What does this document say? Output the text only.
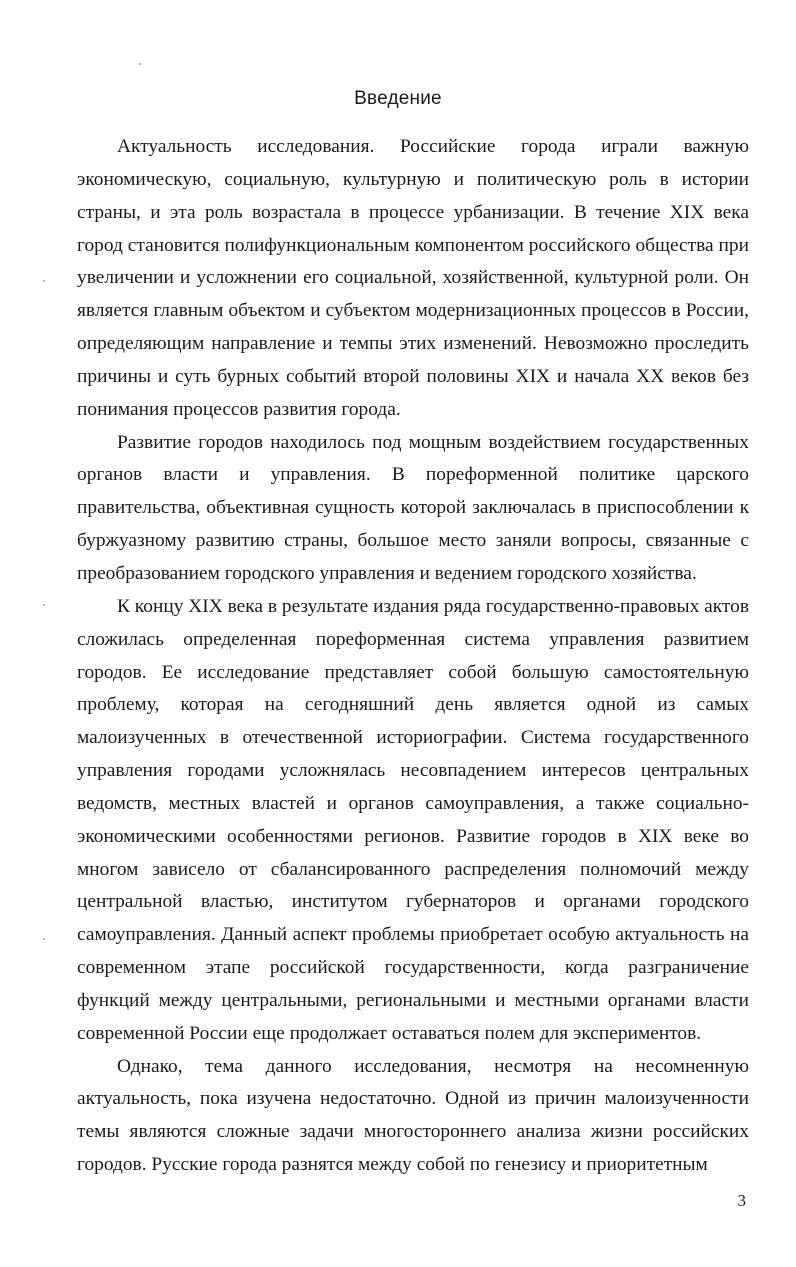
Введение

Актуальность исследования. Российские города играли важную экономическую, социальную, культурную и политическую роль в истории страны, и эта роль возрастала в процессе урбанизации. В течение XIX века город становится полифункциональным компонентом российского общества при увеличении и усложнении его социальной, хозяйственной, культурной роли. Он является главным объектом и субъектом модернизационных процессов в России, определяющим направление и темпы этих изменений. Невозможно проследить причины и суть бурных событий второй половины XIX и начала XX веков без понимания процессов развития города.

Развитие городов находилось под мощным воздействием государственных органов власти и управления. В пореформенной политике царского правительства, объективная сущность которой заключалась в приспособлении к буржуазному развитию страны, большое место заняли вопросы, связанные с преобразованием городского управления и ведением городского хозяйства.

К концу XIX века в результате издания ряда государственно-правовых актов сложилась определенная пореформенная система управления развитием городов. Ее исследование представляет собой большую самостоятельную проблему, которая на сегодняшний день является одной из самых малоизученных в отечественной историографии. Система государственного управления городами усложнялась несовпадением интересов центральных ведомств, местных властей и органов самоуправления, а также социально-экономическими особенностями регионов. Развитие городов в XIX веке во многом зависело от сбалансированного распределения полномочий между центральной властью, институтом губернаторов и органами городского самоуправления. Данный аспект проблемы приобретает особую актуальность на современном этапе российской государственности, когда разграничение функций между центральными, региональными и местными органами власти современной России еще продолжает оставаться полем для экспериментов.

Однако, тема данного исследования, несмотря на несомненную актуальность, пока изучена недостаточно. Одной из причин малоизученности темы являются сложные задачи многостороннего анализа жизни российских городов. Русские города разнятся между собой по генезису и приоритетным

3
